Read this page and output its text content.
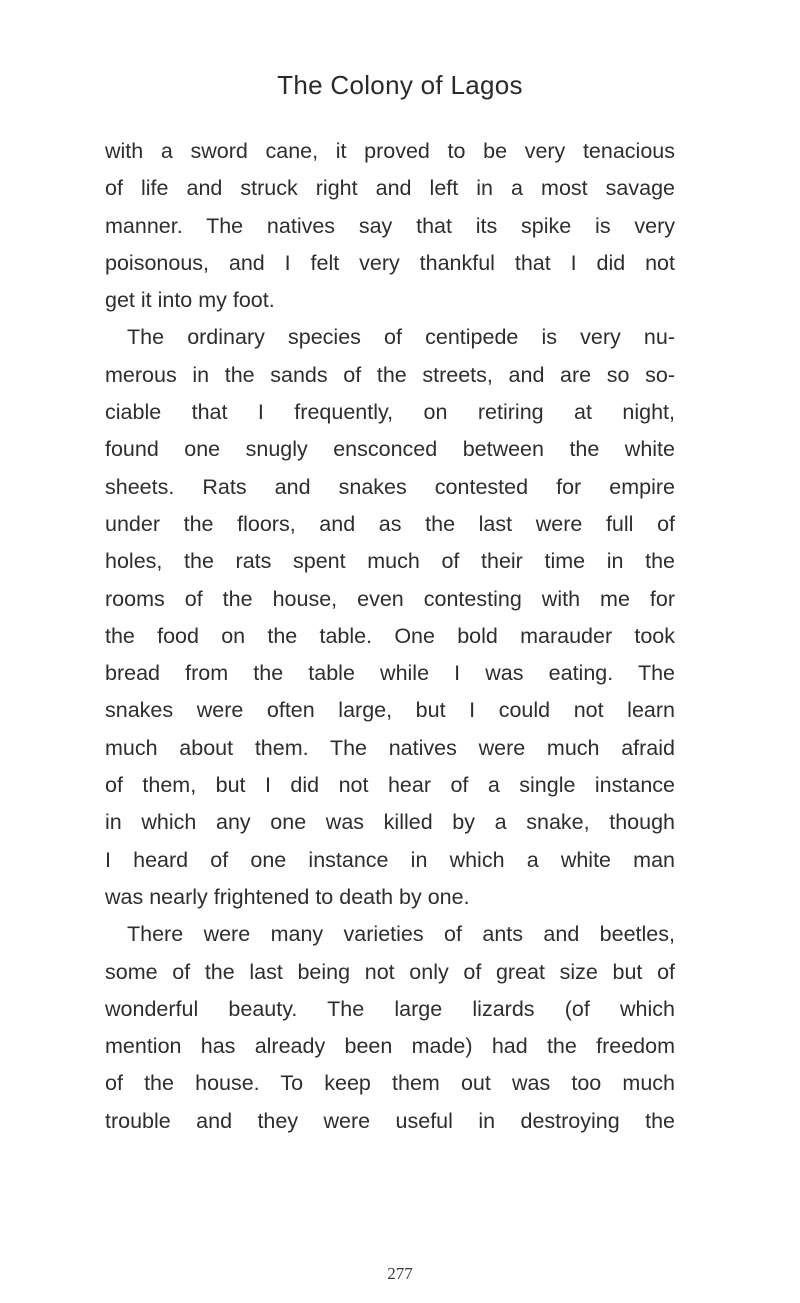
The Colony of Lagos
with a sword cane, it proved to be very tenacious
of life and struck right and left in a most savage
manner. The natives say that its spike is very
poisonous, and I felt very thankful that I did not
get it into my foot.
The ordinary species of centipede is very nu-
merous in the sands of the streets, and are so so-
ciable that I frequently, on retiring at night,
found one snugly ensconced between the white
sheets. Rats and snakes contested for empire
under the floors, and as the last were full of
holes, the rats spent much of their time in the
rooms of the house, even contesting with me for
the food on the table. One bold marauder took
bread from the table while I was eating. The
snakes were often large, but I could not learn
much about them. The natives were much afraid
of them, but I did not hear of a single instance
in which any one was killed by a snake, though
I heard of one instance in which a white man
was nearly frightened to death by one.
There were many varieties of ants and beetles,
some of the last being not only of great size but of
wonderful beauty. The large lizards (of which
mention has already been made) had the freedom
of the house. To keep them out was too much
trouble and they were useful in destroying the
277
